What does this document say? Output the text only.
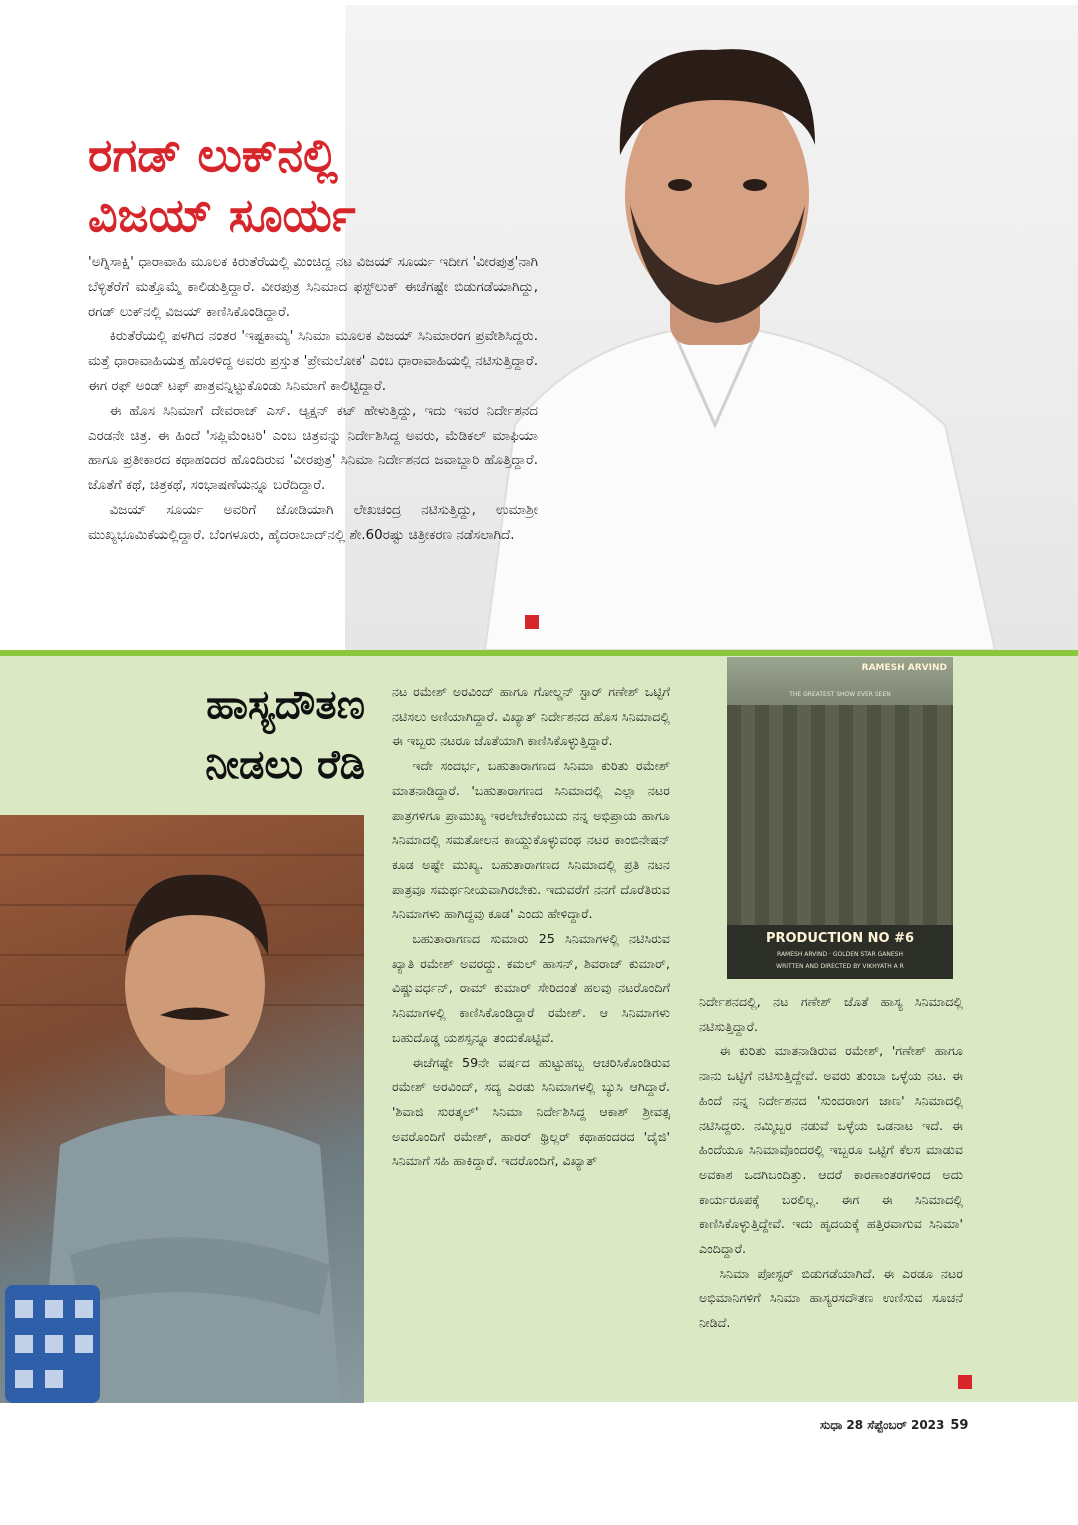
ರಗಡ್ ಲುಕ್‌ನಲ್ಲಿ
ವಿಜಯ್ ಸೂರ್ಯ

'ಅಗ್ನಿಸಾಕ್ಷಿ' ಧಾರಾವಾಹಿ ಮೂಲಕ ಕಿರುತೆರೆಯಲ್ಲಿ ಮಿಂಚಿದ್ದ ನಟ ವಿಜಯ್ ಸೂರ್ಯ ಇದೀಗ 'ವೀರಪುತ್ರ'ನಾಗಿ ಬೆಳ್ಳಿತೆರೆಗೆ ಮತ್ತೊಮ್ಮೆ ಕಾಲಿಡುತ್ತಿದ್ದಾರೆ. ವೀರಪುತ್ರ ಸಿನಿಮಾದ ಫಸ್ಟ್‌ಲುಕ್ ಈಚೆಗಷ್ಟೇ ಬಿಡುಗಡೆಯಾಗಿದ್ದು, ರಗಡ್ ಲುಕ್‌ನಲ್ಲಿ ವಿಜಯ್ ಕಾಣಿಸಿಕೊಂಡಿದ್ದಾರೆ.

ಕಿರುತೆರೆಯಲ್ಲಿ ಪಳಗಿದ ನಂತರ 'ಇಷ್ಟಕಾಮ್ಯ' ಸಿನಿಮಾ ಮೂಲಕ ವಿಜಯ್ ಸಿನಿಮಾರಂಗ ಪ್ರವೇಶಿಸಿದ್ದರು. ಮತ್ತೆ ಧಾರಾವಾಹಿಯತ್ತ ಹೊರಳಿದ್ದ ಅವರು ಪ್ರಸ್ತುತ 'ಪ್ರೇಮಲೋಕ' ಎಂಬ ಧಾರಾವಾಹಿಯಲ್ಲಿ ನಟಿಸುತ್ತಿದ್ದಾರೆ. ಈಗ ರಫ್ ಅಂಡ್ ಟಫ್ ಪಾತ್ರವನ್ನಿಟ್ಟುಕೊಂಡು ಸಿನಿಮಾಗೆ ಕಾಲಿಟ್ಟಿದ್ದಾರೆ.

ಈ ಹೊಸ ಸಿನಿಮಾಗೆ ದೇವರಾಜ್ ಎಸ್. ಆ್ಯಕ್ಷನ್ ಕಟ್ ಹೇಳುತ್ತಿದ್ದು, ಇದು ಇವರ ನಿರ್ದೇಶನದ ಎರಡನೇ ಚಿತ್ರ. ಈ ಹಿಂದೆ 'ಸಪ್ಲಿಮೆಂಟರಿ' ಎಂಬ ಚಿತ್ರವನ್ನು ನಿರ್ದೇಶಿಸಿದ್ದ ಅವರು, ಮೆಡಿಕಲ್ ಮಾಫಿಯಾ ಹಾಗೂ ಪ್ರತೀಕಾರದ ಕಥಾಹಂದರ ಹೊಂದಿರುವ 'ವೀರಪುತ್ರ' ಸಿನಿಮಾ ನಿರ್ದೇಶನದ ಜವಾಬ್ದಾರಿ ಹೊತ್ತಿದ್ದಾರೆ. ಜೊತೆಗೆ ಕಥೆ, ಚಿತ್ರಕಥೆ, ಸಂಭಾಷಣೆಯನ್ನೂ ಬರೆದಿದ್ದಾರೆ.

ವಿಜಯ್ ಸೂರ್ಯ ಅವರಿಗೆ ಜೋಡಿಯಾಗಿ ಲೇಖಚಂದ್ರ ನಟಿಸುತ್ತಿದ್ದು, ಉಮಾಶ್ರೀ ಮುಖ್ಯಭೂಮಿಕೆಯಲ್ಲಿದ್ದಾರೆ. ಬೆಂಗಳೂರು, ಹೈದರಾಬಾದ್‌ನಲ್ಲಿ ಶೇ.60ರಷ್ಟು ಚಿತ್ರೀಕರಣ ನಡೆಸಲಾಗಿದೆ.

ಹಾಸ್ಯದೌತಣ
ನೀಡಲು ರೆಡಿ

ನಟ ರಮೇಶ್ ಅರವಿಂದ್ ಹಾಗೂ ಗೋಲ್ಡನ್ ಸ್ಟಾರ್ ಗಣೇಶ್ ಒಟ್ಟಿಗೆ ನಟಿಸಲು ಅಣಿಯಾಗಿದ್ದಾರೆ. ವಿಖ್ಯಾತ್ ನಿರ್ದೇಶನದ ಹೊಸ ಸಿನಿಮಾದಲ್ಲಿ ಈ ಇಬ್ಬರು ನಟರೂ ಜೊತೆಯಾಗಿ ಕಾಣಿಸಿಕೊಳ್ಳುತ್ತಿದ್ದಾರೆ.

ಇದೇ ಸಂದರ್ಭ, ಬಹುತಾರಾಗಣದ ಸಿನಿಮಾ ಕುರಿತು ರಮೇಶ್ ಮಾತನಾಡಿದ್ದಾರೆ. 'ಬಹುತಾರಾಗಣದ ಸಿನಿಮಾದಲ್ಲಿ ಎಲ್ಲಾ ನಟರ ಪಾತ್ರಗಳಿಗೂ ಪ್ರಾಮುಖ್ಯ ಇರಲೇಬೇಕೆಂಬುದು ನನ್ನ ಅಭಿಪ್ರಾಯ ಹಾಗೂ ಸಿನಿಮಾದಲ್ಲಿ ಸಮತೋಲನ ಕಾಯ್ದುಕೊಳ್ಳುವಂಥ ನಟರ ಕಾಂಬಿನೇಷನ್ ಕೂಡ ಅಷ್ಟೇ ಮುಖ್ಯ. ಬಹುತಾರಾಗಣದ ಸಿನಿಮಾದಲ್ಲಿ ಪ್ರತಿ ನಟನ ಪಾತ್ರವೂ ಸಮರ್ಥನೀಯವಾಗಿರಬೇಕು. ಇದುವರೆಗೆ ನನಗೆ ದೊರೆತಿರುವ ಸಿನಿಮಾಗಳು ಹಾಗಿದ್ದವು ಕೂಡ' ಎಂದು ಹೇಳಿದ್ದಾರೆ.

ಬಹುತಾರಾಗಣದ ಸುಮಾರು 25 ಸಿನಿಮಾಗಳಲ್ಲಿ ನಟಿಸಿರುವ ಖ್ಯಾತಿ ರಮೇಶ್ ಅವರದ್ದು. ಕಮಲ್ ಹಾಸನ್, ಶಿವರಾಜ್ ಕುಮಾರ್, ವಿಷ್ಣುವರ್ಧನ್, ರಾಮ್ ಕುಮಾರ್ ಸೇರಿದಂತೆ ಹಲವು ನಟರೊಂದಿಗೆ ಸಿನಿಮಾಗಳಲ್ಲಿ ಕಾಣಿಸಿಕೊಂಡಿದ್ದಾರೆ ರಮೇಶ್. ಆ ಸಿನಿಮಾಗಳು ಬಹುದೊಡ್ಡ ಯಶಸ್ಸನ್ನೂ ತಂದುಕೊಟ್ಟಿವೆ.

ಈಚೆಗಷ್ಟೇ 59ನೇ ವರ್ಷದ ಹುಟ್ಟುಹಬ್ಬ ಆಚರಿಸಿಕೊಂಡಿರುವ ರಮೇಶ್ ಅರವಿಂದ್, ಸದ್ಯ ಎರಡು ಸಿನಿಮಾಗಳಲ್ಲಿ ಬ್ಯುಸಿ ಆಗಿದ್ದಾರೆ. 'ಶಿವಾಜಿ ಸುರತ್ಕಲ್' ಸಿನಿಮಾ ನಿರ್ದೇಶಿಸಿದ್ದ ಆಕಾಶ್ ಶ್ರೀವತ್ಸ ಅವರೊಂದಿಗೆ ರಮೇಶ್, ಹಾರರ್ ಥ್ರಿಲ್ಲರ್ ಕಥಾಹಂದರದ 'ದೈಜಿ' ಸಿನಿಮಾಗೆ ಸಹಿ ಹಾಕಿದ್ದಾರೆ. ಇದರೊಂದಿಗೆ, ವಿಖ್ಯಾತ್

RAMESH ARVIND
THE GREATEST SHOW EVER SEEN
PRODUCTION NO #6
RAMESH ARVIND · GOLDEN STAR GANESH
WRITTEN AND DIRECTED BY VIKHYATH A R

ನಿರ್ದೇಶನದಲ್ಲಿ, ನಟ ಗಣೇಶ್ ಜೊತೆ ಹಾಸ್ಯ ಸಿನಿಮಾದಲ್ಲಿ ನಟಿಸುತ್ತಿದ್ದಾರೆ.

ಈ ಕುರಿತು ಮಾತನಾಡಿರುವ ರಮೇಶ್, 'ಗಣೇಶ್ ಹಾಗೂ ನಾನು ಒಟ್ಟಿಗೆ ನಟಿಸುತ್ತಿದ್ದೇವೆ. ಅವರು ತುಂಬಾ ಒಳ್ಳೆಯ ನಟ. ಈ ಹಿಂದೆ ನನ್ನ ನಿರ್ದೇಶನದ 'ಸುಂದರಾಂಗ ಜಾಣ' ಸಿನಿಮಾದಲ್ಲಿ ನಟಿಸಿದ್ದರು. ನಮ್ಮಿಬ್ಬರ ನಡುವೆ ಒಳ್ಳೆಯ ಒಡನಾಟ ಇದೆ. ಈ ಹಿಂದೆಯೂ ಸಿನಿಮಾವೊಂದರಲ್ಲಿ ಇಬ್ಬರೂ ಒಟ್ಟಿಗೆ ಕೆಲಸ ಮಾಡುವ ಅವಕಾಶ ಒದಗಿಬಂದಿತ್ತು. ಆದರೆ ಕಾರಣಾಂತರಗಳಿಂದ ಅದು ಕಾರ್ಯರೂಪಕ್ಕೆ ಬರಲಿಲ್ಲ. ಈಗ ಈ ಸಿನಿಮಾದಲ್ಲಿ ಕಾಣಿಸಿಕೊಳ್ಳುತ್ತಿದ್ದೇವೆ. ಇದು ಹೃದಯಕ್ಕೆ ಹತ್ತಿರವಾಗುವ ಸಿನಿಮಾ' ಎಂದಿದ್ದಾರೆ.

ಸಿನಿಮಾ ಪೋಸ್ಟರ್ ಬಿಡುಗಡೆಯಾಗಿದೆ. ಈ ಎರಡೂ ನಟರ ಅಭಿಮಾನಿಗಳಿಗೆ ಸಿನಿಮಾ ಹಾಸ್ಯರಸದೌತಣ ಉಣಿಸುವ ಸೂಚನೆ ನೀಡಿದೆ.

ಸುಧಾ 28 ಸೆಪ್ಟೆಂಬರ್ 2023 59
